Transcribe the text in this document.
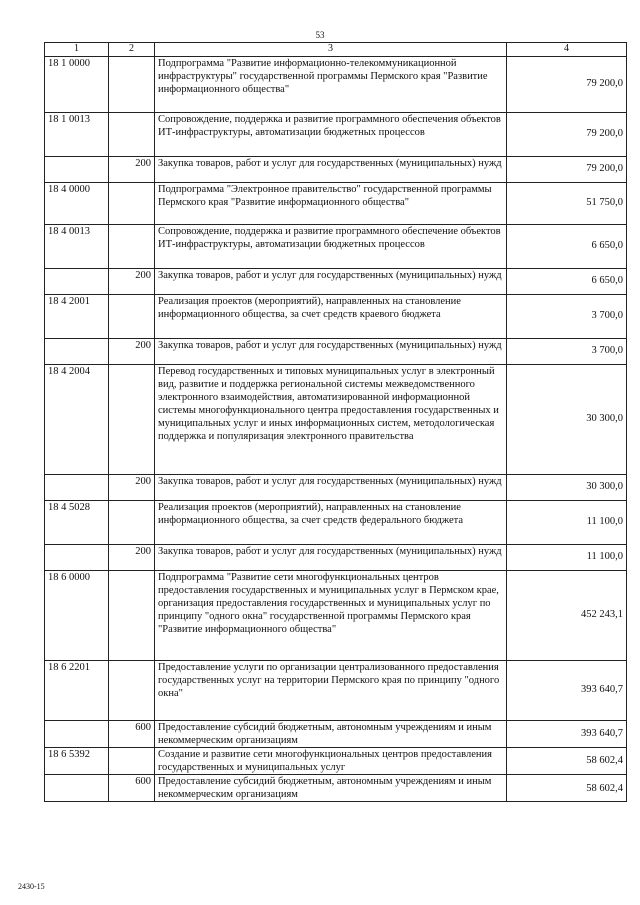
53
1	2	3	4
18 1 0000		Подпрограмма "Развитие информационно-телекоммуникационной инфраструктуры" государственной программы Пермского края "Развитие информационного общества"	79 200,0
18 1 0013		Сопровождение, поддержка и развитие программного обеспечения объектов ИТ-инфраструктуры, автоматизации бюджетных процессов	79 200,0
	200	Закупка товаров, работ и услуг для государственных (муниципальных) нужд	79 200,0
18 4 0000		Подпрограмма "Электронное правительство" государственной программы Пермского края "Развитие информационного общества"	51 750,0
18 4 0013		Сопровождение, поддержка и развитие программного обеспечение объектов ИТ-инфраструктуры, автоматизации бюджетных процессов	6 650,0
	200	Закупка товаров, работ и услуг для государственных (муниципальных) нужд	6 650,0
18 4 2001		Реализация проектов (мероприятий), направленных на становление информационного общества, за счет средств краевого бюджета	3 700,0
	200	Закупка товаров, работ и услуг для государственных (муниципальных) нужд	3 700,0
18 4 2004		Перевод государственных и типовых муниципальных услуг в электронный вид, развитие и поддержка региональной системы межведомственного электронного взаимодействия, автоматизированной информационной системы многофункционального центра предоставления государственных и муниципальных услуг и иных информационных систем, методологическая поддержка и популяризация электронного правительства	30 300,0
	200	Закупка товаров, работ и услуг для государственных (муниципальных) нужд	30 300,0
18 4 5028		Реализация проектов (мероприятий), направленных на становление информационного общества, за счет средств федерального бюджета	11 100,0
	200	Закупка товаров, работ и услуг для государственных (муниципальных) нужд	11 100,0
18 6 0000		Подпрограмма "Развитие сети многофункциональных центров предоставления государственных и муниципальных услуг в Пермском крае, организация предоставления государственных и муниципальных услуг по принципу "одного окна" государственной программы Пермского края "Развитие информационного общества"	452 243,1
18 6 2201		Предоставление услуги по организации централизованного предоставления государственных услуг на территории Пермского края по принципу "одного окна"	393 640,7
	600	Предоставление субсидий бюджетным, автономным учреждениям и иным некоммерческим организациям	393 640,7
18 6 5392		Создание и развитие сети многофункциональных центров предоставления государственных и муниципальных услуг	58 602,4
	600	Предоставление субсидий бюджетным, автономным учреждениям и иным некоммерческим организациям	58 602,4
2430-15
